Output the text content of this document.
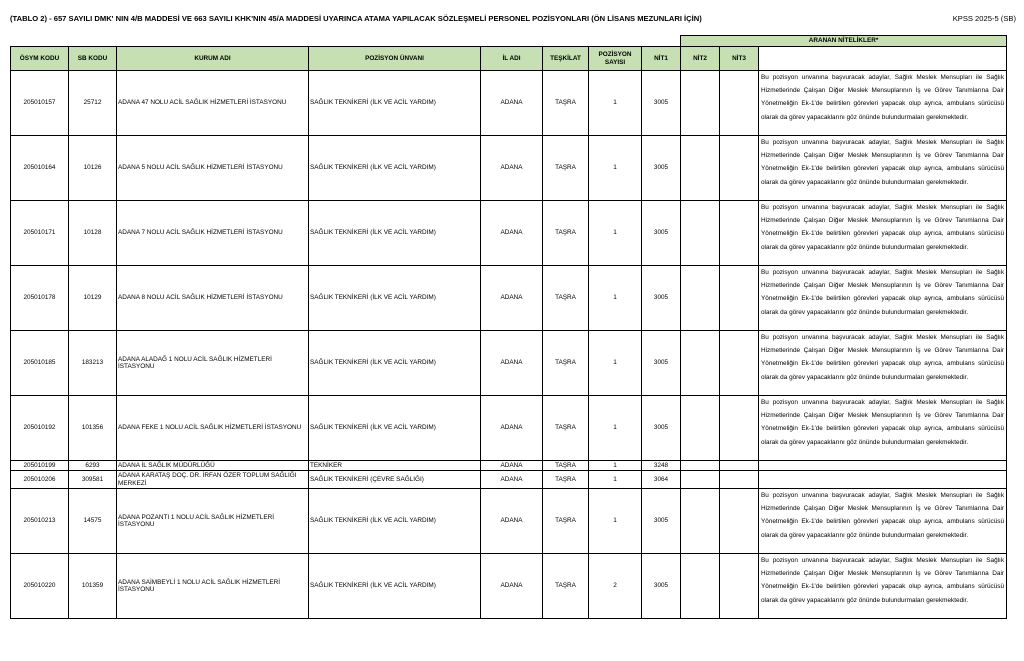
(TABLO 2) - 657 SAYILI DMK' NIN 4/B MADDESİ VE 663 SAYILI KHK'NIN 45/A MADDESİ UYARINCA ATAMA YAPILACAK SÖZLEŞMELİ PERSONEL POZİSYONLARI (ÖN LİSANS MEZUNLARI İÇİN)	KPSS 2025-5 (SB)
								ARANAN NİTELİKLER*	
ÖSYM KODU	SB KODU	KURUM ADI	POZİSYON ÜNVANI	İL ADI	TEŞKİLAT	POZİSYON SAYISI	NİT1	NİT2	NİT3		
205010157	25712	ADANA 47 NOLU ACİL SAĞLIK HİZMETLERİ İSTASYONU	SAĞLIK TEKNİKERİ (İLK VE ACİL YARDIM)	ADANA	TAŞRA	1	3005			Bu pozisyon unvanına başvuracak adaylar, Sağlık Meslek Mensupları ile Sağlık Hizmetlerinde Çalışan Diğer Meslek Mensuplarının İş ve Görev Tanımlarına Dair Yönetmeliğin Ek-1'de belirtilen görevleri yapacak olup ayrıca, ambulans sürücüsü olarak da görev yapacaklarını göz önünde bulundurmaları gerekmektedir.	
205010164	10126	ADANA 5 NOLU ACİL SAĞLIK HİZMETLERİ İSTASYONU	SAĞLIK TEKNİKERİ (İLK VE ACİL YARDIM)	ADANA	TAŞRA	1	3005			Bu pozisyon unvanına başvuracak adaylar, Sağlık Meslek Mensupları ile Sağlık Hizmetlerinde Çalışan Diğer Meslek Mensuplarının İş ve Görev Tanımlarına Dair Yönetmeliğin Ek-1'de belirtilen görevleri yapacak olup ayrıca, ambulans sürücüsü olarak da görev yapacaklarını göz önünde bulundurmaları gerekmektedir.	
205010171	10128	ADANA 7 NOLU ACİL SAĞLIK HİZMETLERİ İSTASYONU	SAĞLIK TEKNİKERİ (İLK VE ACİL YARDIM)	ADANA	TAŞRA	1	3005			Bu pozisyon unvanına başvuracak adaylar, Sağlık Meslek Mensupları ile Sağlık Hizmetlerinde Çalışan Diğer Meslek Mensuplarının İş ve Görev Tanımlarına Dair Yönetmeliğin Ek-1'de belirtilen görevleri yapacak olup ayrıca, ambulans sürücüsü olarak da görev yapacaklarını göz önünde bulundurmaları gerekmektedir.	
205010178	10129	ADANA 8 NOLU ACİL SAĞLIK HİZMETLERİ İSTASYONU	SAĞLIK TEKNİKERİ (İLK VE ACİL YARDIM)	ADANA	TAŞRA	1	3005			Bu pozisyon unvanına başvuracak adaylar, Sağlık Meslek Mensupları ile Sağlık Hizmetlerinde Çalışan Diğer Meslek Mensuplarının İş ve Görev Tanımlarına Dair Yönetmeliğin Ek-1'de belirtilen görevleri yapacak olup ayrıca, ambulans sürücüsü olarak da görev yapacaklarını göz önünde bulundurmaları gerekmektedir.	
205010185	183213	ADANA ALADAĞ 1 NOLU ACİL SAĞLIK HİZMETLERİ İSTASYONU	SAĞLIK TEKNİKERİ (İLK VE ACİL YARDIM)	ADANA	TAŞRA	1	3005			Bu pozisyon unvanına başvuracak adaylar, Sağlık Meslek Mensupları ile Sağlık Hizmetlerinde Çalışan Diğer Meslek Mensuplarının İş ve Görev Tanımlarına Dair Yönetmeliğin Ek-1'de belirtilen görevleri yapacak olup ayrıca, ambulans sürücüsü olarak da görev yapacaklarını göz önünde bulundurmaları gerekmektedir.	
205010192	101356	ADANA FEKE 1 NOLU ACİL SAĞLIK HİZMETLERİ İSTASYONU	SAĞLIK TEKNİKERİ (İLK VE ACİL YARDIM)	ADANA	TAŞRA	1	3005			Bu pozisyon unvanına başvuracak adaylar, Sağlık Meslek Mensupları ile Sağlık Hizmetlerinde Çalışan Diğer Meslek Mensuplarının İş ve Görev Tanımlarına Dair Yönetmeliğin Ek-1'de belirtilen görevleri yapacak olup ayrıca, ambulans sürücüsü olarak da görev yapacaklarını göz önünde bulundurmaları gerekmektedir.	
205010199	6293	ADANA İL SAĞLIK MÜDÜRLÜĞÜ	TEKNİKER	ADANA	TAŞRA	1	3248				
205010206	309581	ADANA KARATAŞ DOÇ. DR. İRFAN ÖZER TOPLUM SAĞLIĞI MERKEZİ	SAĞLIK TEKNİKERİ (ÇEVRE SAĞLIĞI)	ADANA	TAŞRA	1	3064				
205010213	14575	ADANA POZANTI 1 NOLU ACİL SAĞLIK HİZMETLERİ İSTASYONU	SAĞLIK TEKNİKERİ (İLK VE ACİL YARDIM)	ADANA	TAŞRA	1	3005			Bu pozisyon unvanına başvuracak adaylar, Sağlık Meslek Mensupları ile Sağlık Hizmetlerinde Çalışan Diğer Meslek Mensuplarının İş ve Görev Tanımlarına Dair Yönetmeliğin Ek-1'de belirtilen görevleri yapacak olup ayrıca, ambulans sürücüsü olarak da görev yapacaklarını göz önünde bulundurmaları gerekmektedir.	
205010220	101359	ADANA SAİMBEYLİ 1 NOLU ACİL SAĞLIK HİZMETLERİ İSTASYONU	SAĞLIK TEKNİKERİ (İLK VE ACİL YARDIM)	ADANA	TAŞRA	2	3005			Bu pozisyon unvanına başvuracak adaylar, Sağlık Meslek Mensupları ile Sağlık Hizmetlerinde Çalışan Diğer Meslek Mensuplarının İş ve Görev Tanımlarına Dair Yönetmeliğin Ek-1'de belirtilen görevleri yapacak olup ayrıca, ambulans sürücüsü olarak da görev yapacaklarını göz önünde bulundurmaları gerekmektedir.	
